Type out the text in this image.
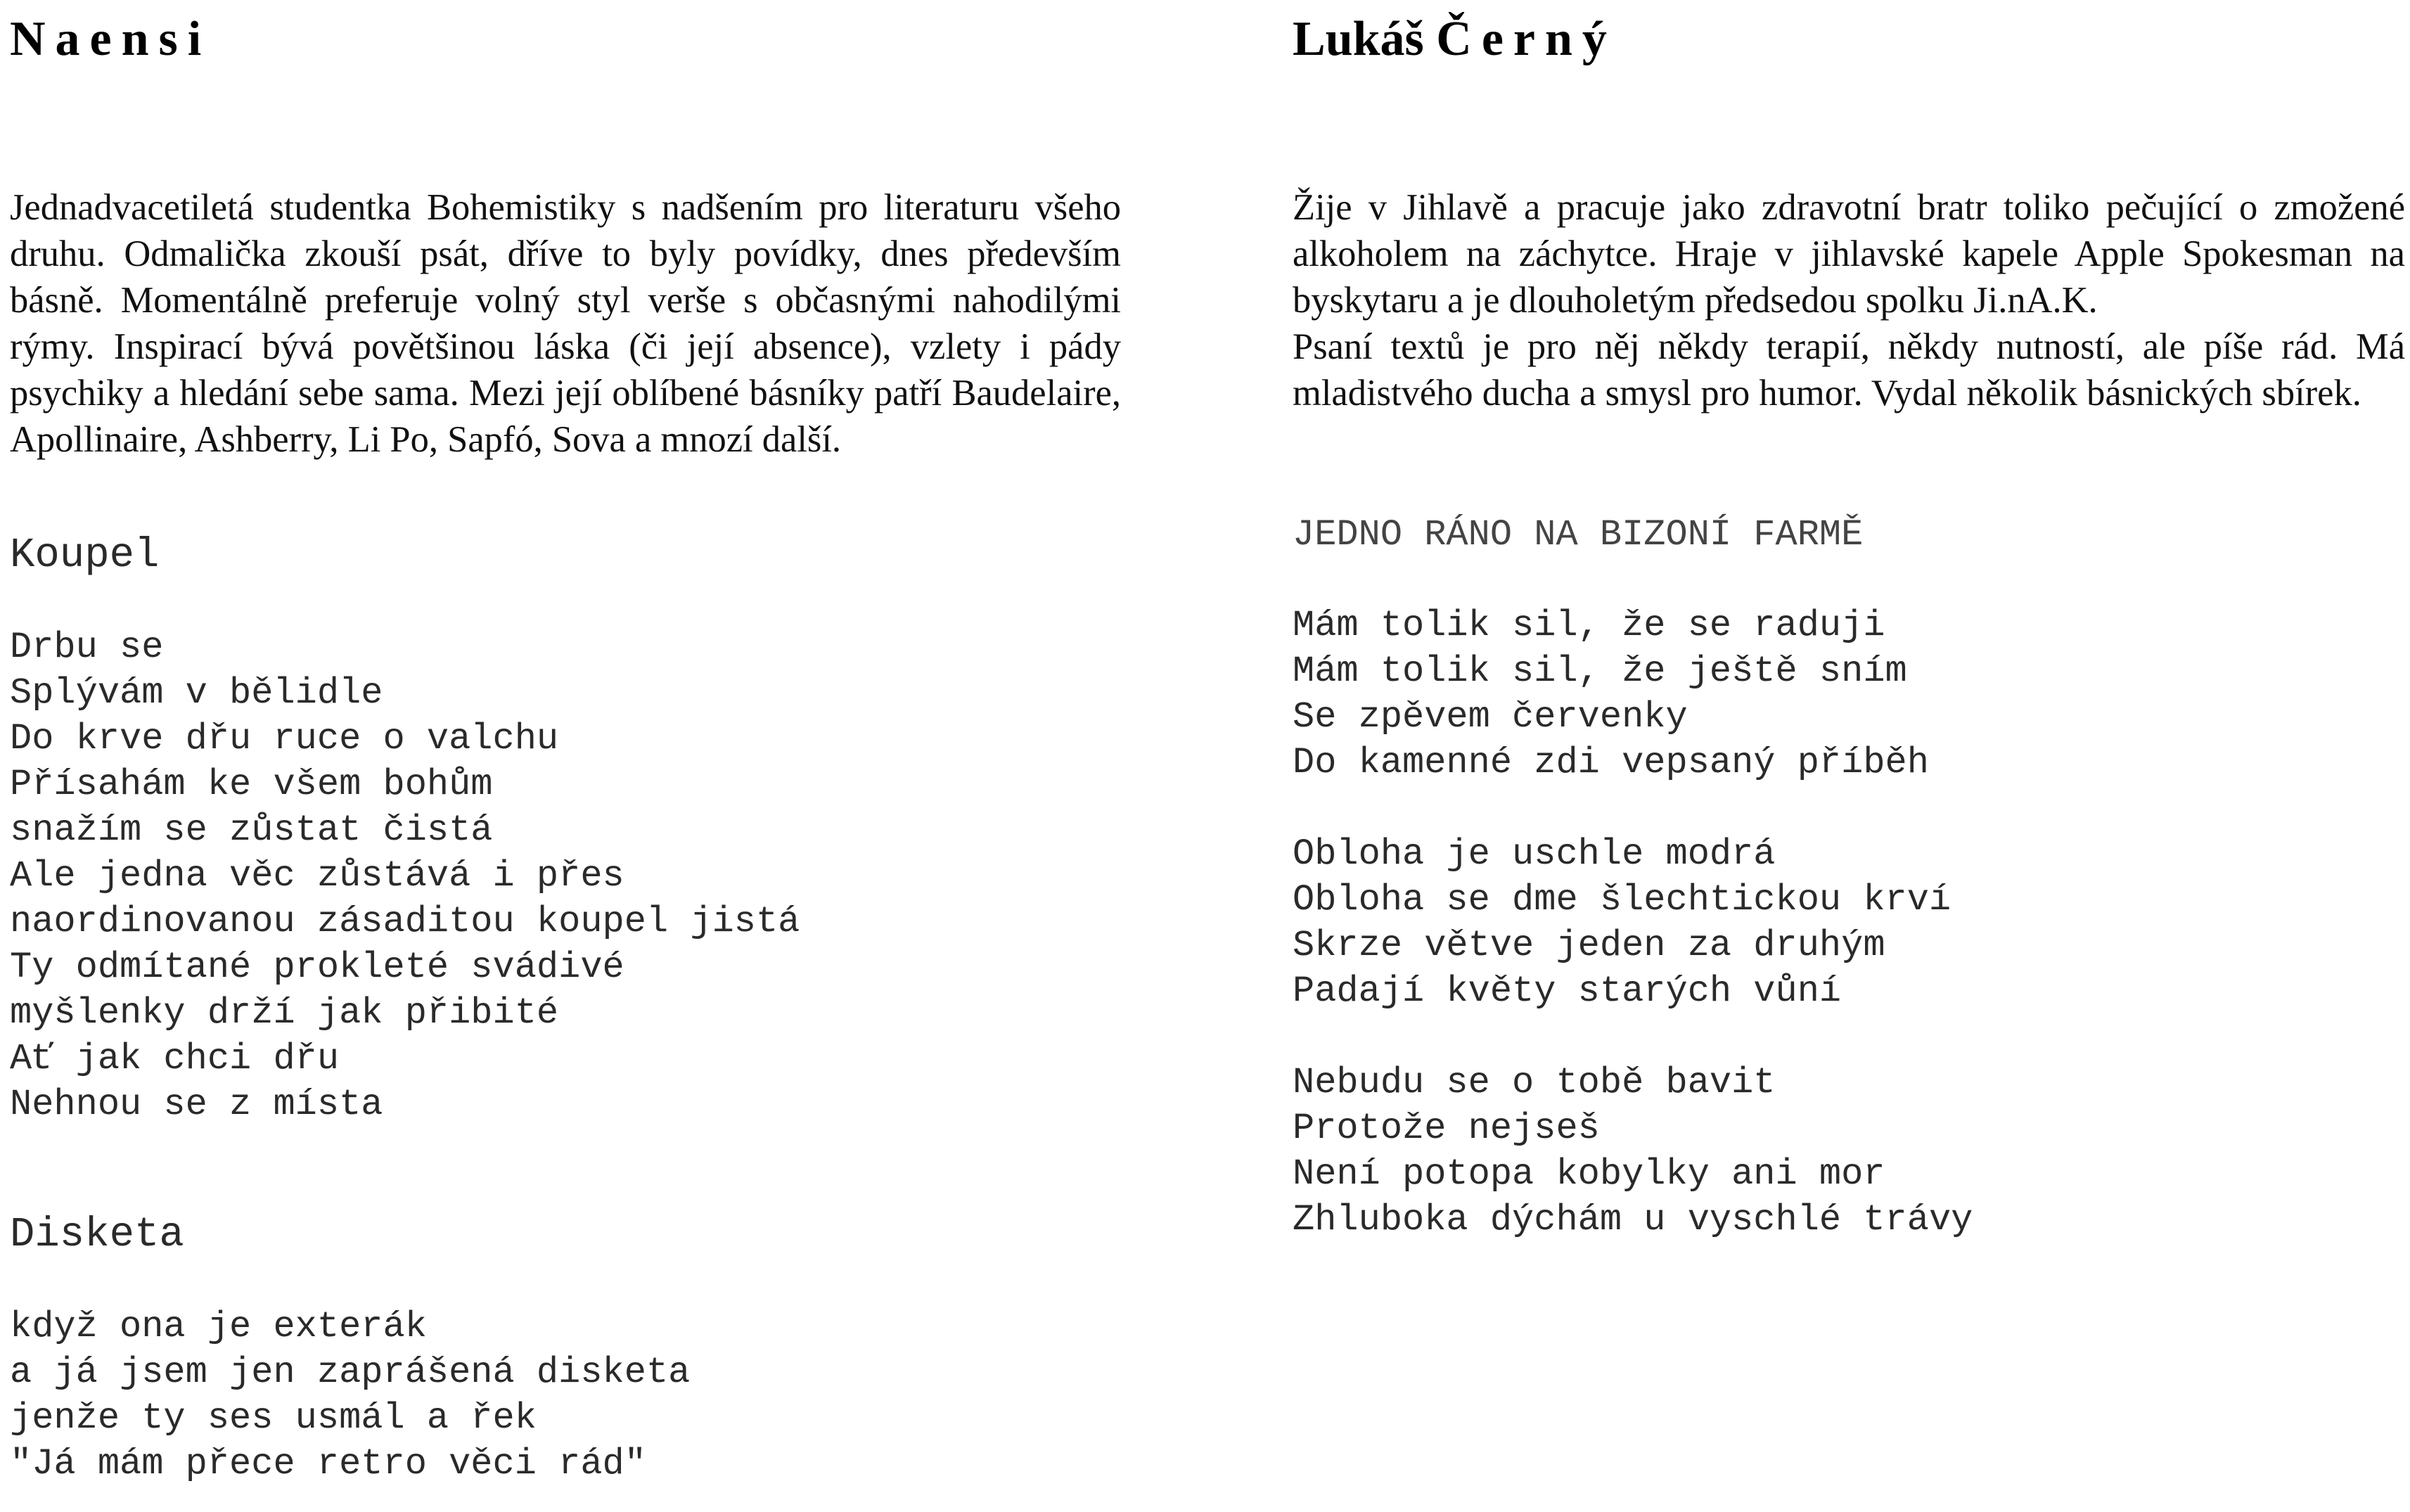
Naensi

Jednadvacetiletá studentka Bohemistiky s nadšením pro literaturu všeho druhu. Odmalička zkouší psát, dříve to byly povídky, dnes především básně. Momentálně preferuje volný styl verše s občasnými nahodilými rýmy. Inspirací bývá povětšinou láska (či její absence), vzlety i pády psychiky a hledání sebe sama. Mezi její oblíbené básníky patří Baudelaire, Apollinaire, Ashberry, Li Po, Sapfó, Sova a mnozí další.

Koupel
Drbu se
Splývám v bělidle
Do krve dřu ruce o valchu
Přísahám ke všem bohům
snažím se zůstat čistá
Ale jedna věc zůstává i přes
naordinovanou zásaditou koupel jistá
Ty odmítané prokleté svádivé
myšlenky drží jak přibité
Ať jak chci dřu
Nehnou se z místa
Disketa
když ona je exterák
a já jsem jen zaprášená disketa
jenže ty ses usmál a řek
"Já mám přece retro věci rád"
Lukáš Černý

Žije v Jihlavě a pracuje jako zdravotní bratr toliko pečující o zmožené alkoholem na záchytce. Hraje v jihlavské kapele Apple Spokesman na byskytaru a je dlouholetým předsedou spolku Ji.nA.K.

Psaní textů je pro něj někdy terapií, někdy nutností, ale píše rád. Má mladistvého ducha a smysl pro humor. Vydal několik básnických sbírek.

JEDNO RÁNO NA BIZONÍ FARMĚ
Mám tolik sil, že se raduji
Mám tolik sil, že ještě sním
Se zpěvem červenky
Do kamenné zdi vepsaný příběh
Obloha je uschle modrá
Obloha se dme šlechtickou krví
Skrze větve jeden za druhým
Padají květy starých vůní
Nebudu se o tobě bavit
Protože nejseš
Není potopa kobylky ani mor
Zhluboka dýchám u vyschlé trávy
